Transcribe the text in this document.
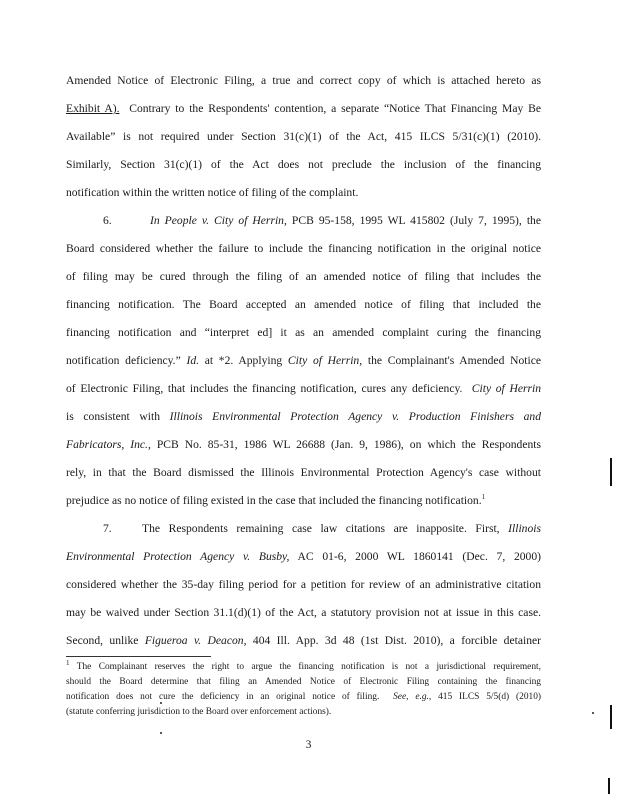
Amended Notice of Electronic Filing, a true and correct copy of which is attached hereto as
Exhibit A). Contrary to the Respondents' contention, a separate “Notice That Financing May Be
Available” is not required under Section 31(c)(1) of the Act, 415 ILCS 5/31(c)(1) (2010).
Similarly, Section 31(c)(1) of the Act does not preclude the inclusion of the financing
notification within the written notice of filing of the complaint.
6.	In People v. City of Herrin, PCB 95-158, 1995 WL 415802 (July 7, 1995), the
Board considered whether the failure to include the financing notification in the original notice
of filing may be cured through the filing of an amended notice of filing that includes the
financing notification. The Board accepted an amended notice of filing that included the
financing notification and “interpret ed] it as an amended complaint curing the financing
notification deficiency.” Id. at *2. Applying City of Herrin, the Complainant's Amended Notice
of Electronic Filing, that includes the financing notification, cures any deficiency. City of Herrin
is consistent with Illinois Environmental Protection Agency v. Production Finishers and
Fabricators, Inc., PCB No. 85-31, 1986 WL 26688 (Jan. 9, 1986), on which the Respondents
rely, in that the Board dismissed the Illinois Environmental Protection Agency's case without
prejudice as no notice of filing existed in the case that included the financing notification.$^1$
7.	The Respondents remaining case law citations are inapposite. First, Illinois
Environmental Protection Agency v. Busby, AC 01-6, 2000 WL 1860141 (Dec. 7, 2000)
considered whether the 35-day filing period for a petition for review of an administrative citation
may be waived under Section 31.1(d)(1) of the Act, a statutory provision not at issue in this case.
Second, unlike Figueroa v. Deacon, 404 Ill. App. 3d 48 (1st Dist. 2010), a forcible detainer
$^1$ The Complainant reserves the right to argue the financing notification is not a jurisdictional requirement,
should the Board determine that filing an Amended Notice of Electronic Filing containing the financing
notification does not cure the deficiency in an original notice of filing. See, e.g., 415 ILCS 5/5(d) (2010)
(statute conferring jurisdiction to the Board over enforcement actions).
3
